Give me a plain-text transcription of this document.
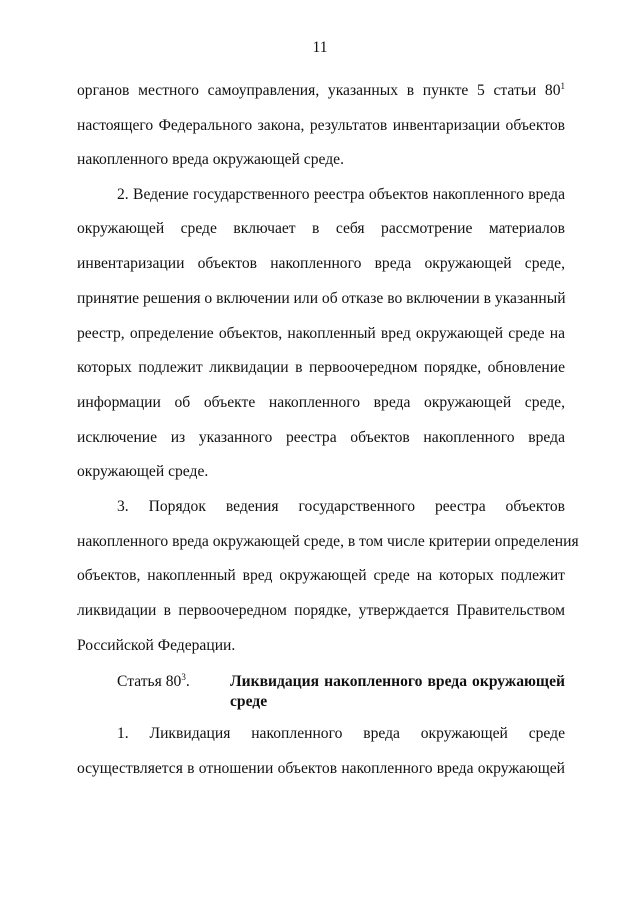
11
органов местного самоуправления, указанных в пункте 5 статьи $80^1$
настоящего Федерального закона, результатов инвентаризации объектов
накопленного вреда окружающей среде.
2. Ведение государственного реестра объектов накопленного вреда
окружающей среде включает в себя рассмотрение материалов
инвентаризации объектов накопленного вреда окружающей среде,
принятие решения о включении или об отказе во включении в указанный
реестр, определение объектов, накопленный вред окружающей среде на
которых подлежит ликвидации в первоочередном порядке, обновление
информации об объекте накопленного вреда окружающей среде,
исключение из указанного реестра объектов накопленного вреда
окружающей среде.
3. Порядок ведения государственного реестра объектов
накопленного вреда окружающей среде, в том числе критерии определения
объектов, накопленный вред окружающей среде на которых подлежит
ликвидации в первоочередном порядке, утверждается Правительством
Российской Федерации.
Статья $80^3$.	Ликвидация накопленного вреда окружающей
среде
1. Ликвидация накопленного вреда окружающей среде
осуществляется в отношении объектов накопленного вреда окружающей
